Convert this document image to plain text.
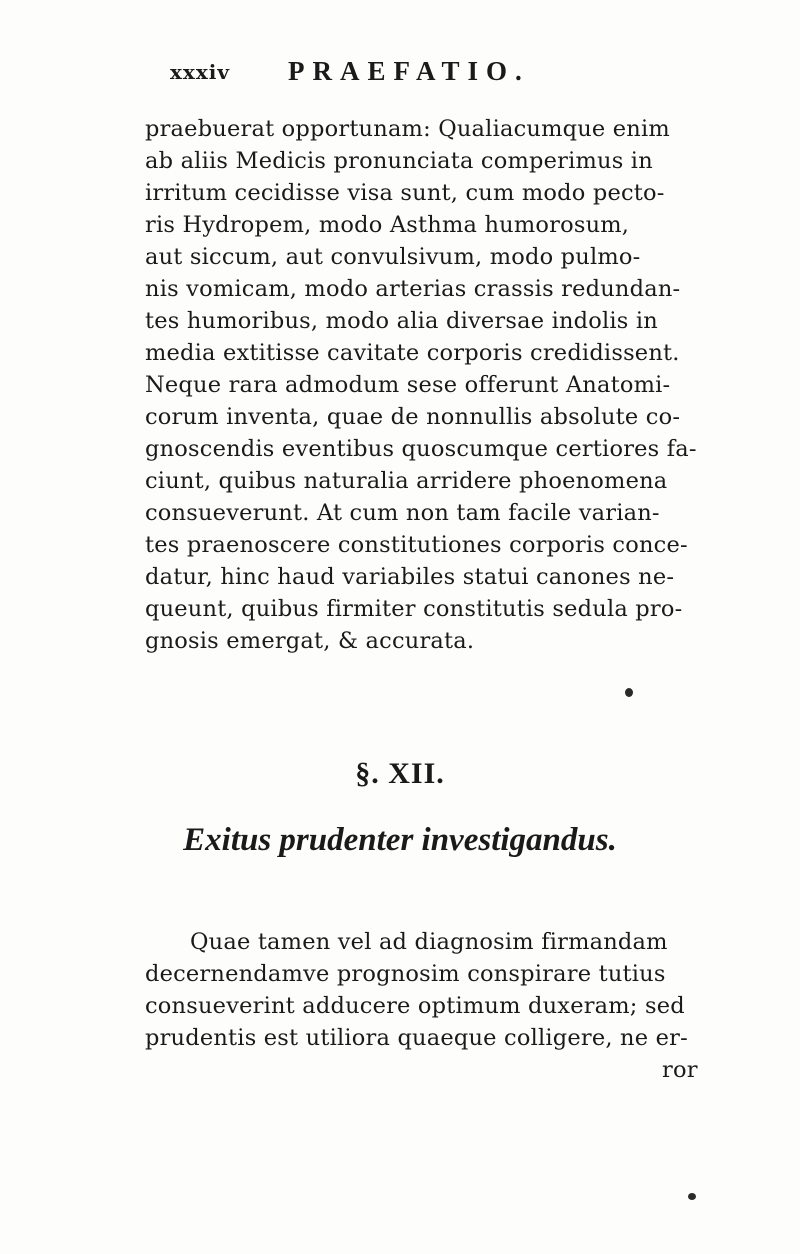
xxxiv PRAEFATIO.
praebuerat opportunam: Qualiacumque enim
ab aliis Medicis pronunciata comperimus in
irritum cecidisse visa sunt, cum modo pecto-
ris Hydropem, modo Asthma humorosum,
aut siccum, aut convulsivum, modo pulmo-
nis vomicam, modo arterias crassis redundan-
tes humoribus, modo alia diversae indolis in
media extitisse cavitate corporis credidissent.
Neque rara admodum sese offerunt Anatomi-
corum inventa, quae de nonnullis absolute co-
gnoscendis eventibus quoscumque certiores fa-
ciunt, quibus naturalia arridere phoenomena
consueverunt. At cum non tam facile varian-
tes praenoscere constitutiones corporis conce-
datur, hinc haud variabiles statui canones ne-
queunt, quibus firmiter constitutis sedula pro-
gnosis emergat, & accurata.
§. XII.
Exitus prudenter investigandus.
Quae tamen vel ad diagnosim firmandam
decernendamve prognosim conspirare tutius
consueverint adducere optimum duxeram; sed
prudentis est utiliora quaeque colligere, ne er-
ror
